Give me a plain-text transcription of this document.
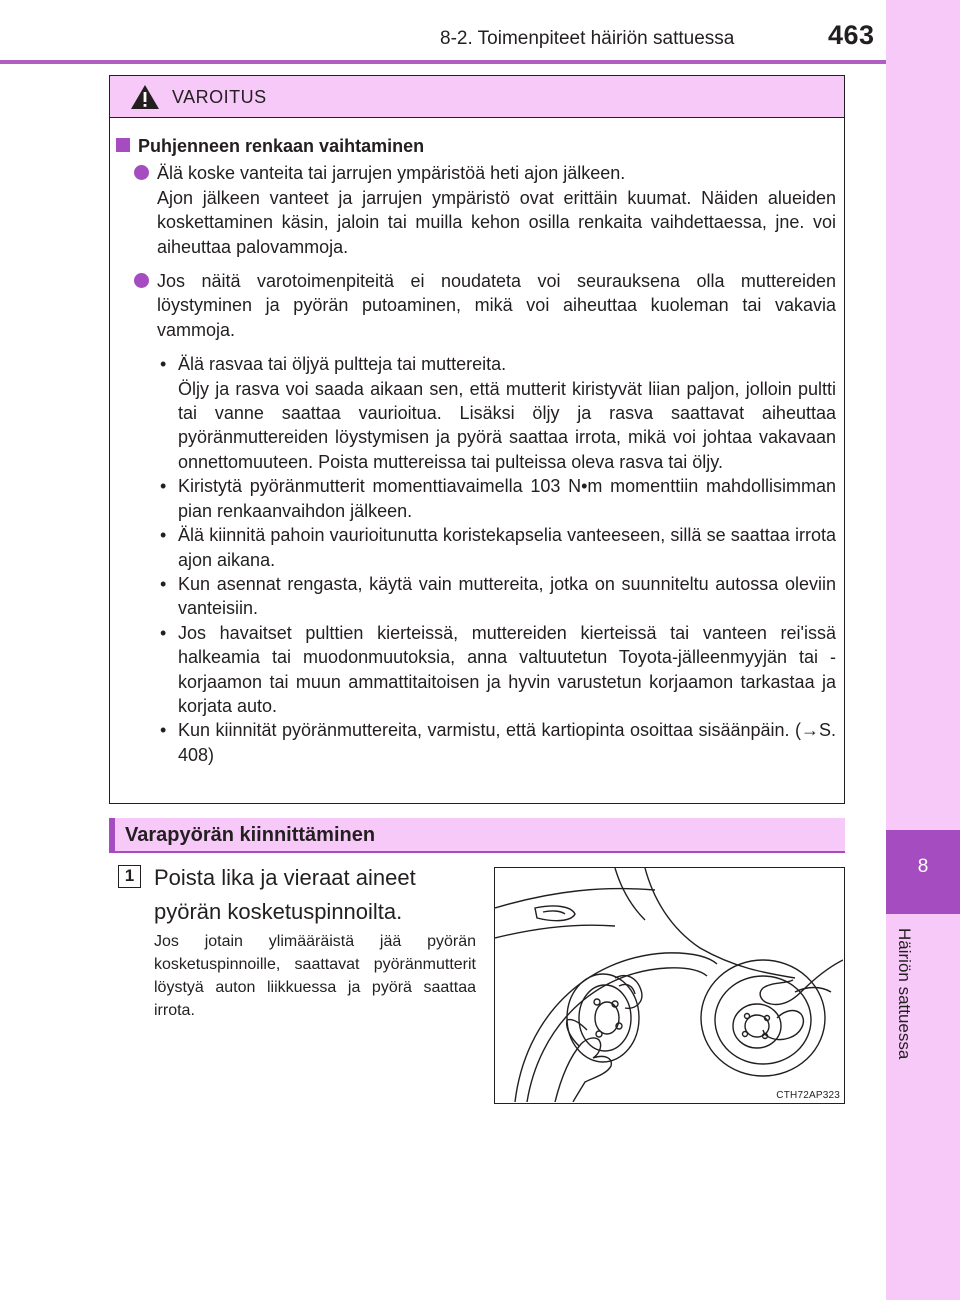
8-2. Toimenpiteet häiriön sattuessa	463
8
Häiriön sattuessa
VAROITUS
Puhjenneen renkaan vaihtaminen
Älä koske vanteita tai jarrujen ympäristöä heti ajon jälkeen.
Ajon jälkeen vanteet ja jarrujen ympäristö ovat erittäin kuumat. Näiden alueiden koskettaminen käsin, jaloin tai muilla kehon osilla renkaita vaihdettaessa, jne. voi aiheuttaa palovammoja.
Jos näitä varotoimenpiteitä ei noudateta voi seurauksena olla muttereiden löystyminen ja pyörän putoaminen, mikä voi aiheuttaa kuoleman tai vakavia vammoja.
• Älä rasvaa tai öljyä pultteja tai muttereita.
Öljy ja rasva voi saada aikaan sen, että mutterit kiristyvät liian paljon, jolloin pultti tai vanne saattaa vaurioitua. Lisäksi öljy ja rasva saattavat aiheuttaa pyöränmuttereiden löystymisen ja pyörä saattaa irrota, mikä voi johtaa vakavaan onnettomuuteen. Poista muttereissa tai pulteissa oleva rasva tai öljy.
• Kiristytä pyöränmutterit momenttiavaimella 103 N•m momenttiin mahdollisimman pian renkaanvaihdon jälkeen.
• Älä kiinnitä pahoin vaurioitunutta koristekapselia vanteeseen, sillä se saattaa irrota ajon aikana.
• Kun asennat rengasta, käytä vain muttereita, jotka on suunniteltu autossa oleviin vanteisiin.
• Jos havaitset pulttien kierteissä, muttereiden kierteissä tai vanteen rei'issä halkeamia tai muodonmuutoksia, anna valtuutetun Toyota-jälleenmyyjän tai -korjaamon tai muun ammattitaitoisen ja hyvin varustetun korjaamon tarkastaa ja korjata auto.
• Kun kiinnität pyöränmuttereita, varmistu, että kartiopinta osoittaa sisäänpäin. (→S. 408)
Varapyörän kiinnittäminen
1 Poista lika ja vieraat aineet pyörän kosketuspinnoilta.
Jos jotain ylimääräistä jää pyörän kosketuspinnoille, saattavat pyöränmutterit löystyä auton liikkuessa ja pyörä saattaa irrota.
CTH72AP323
